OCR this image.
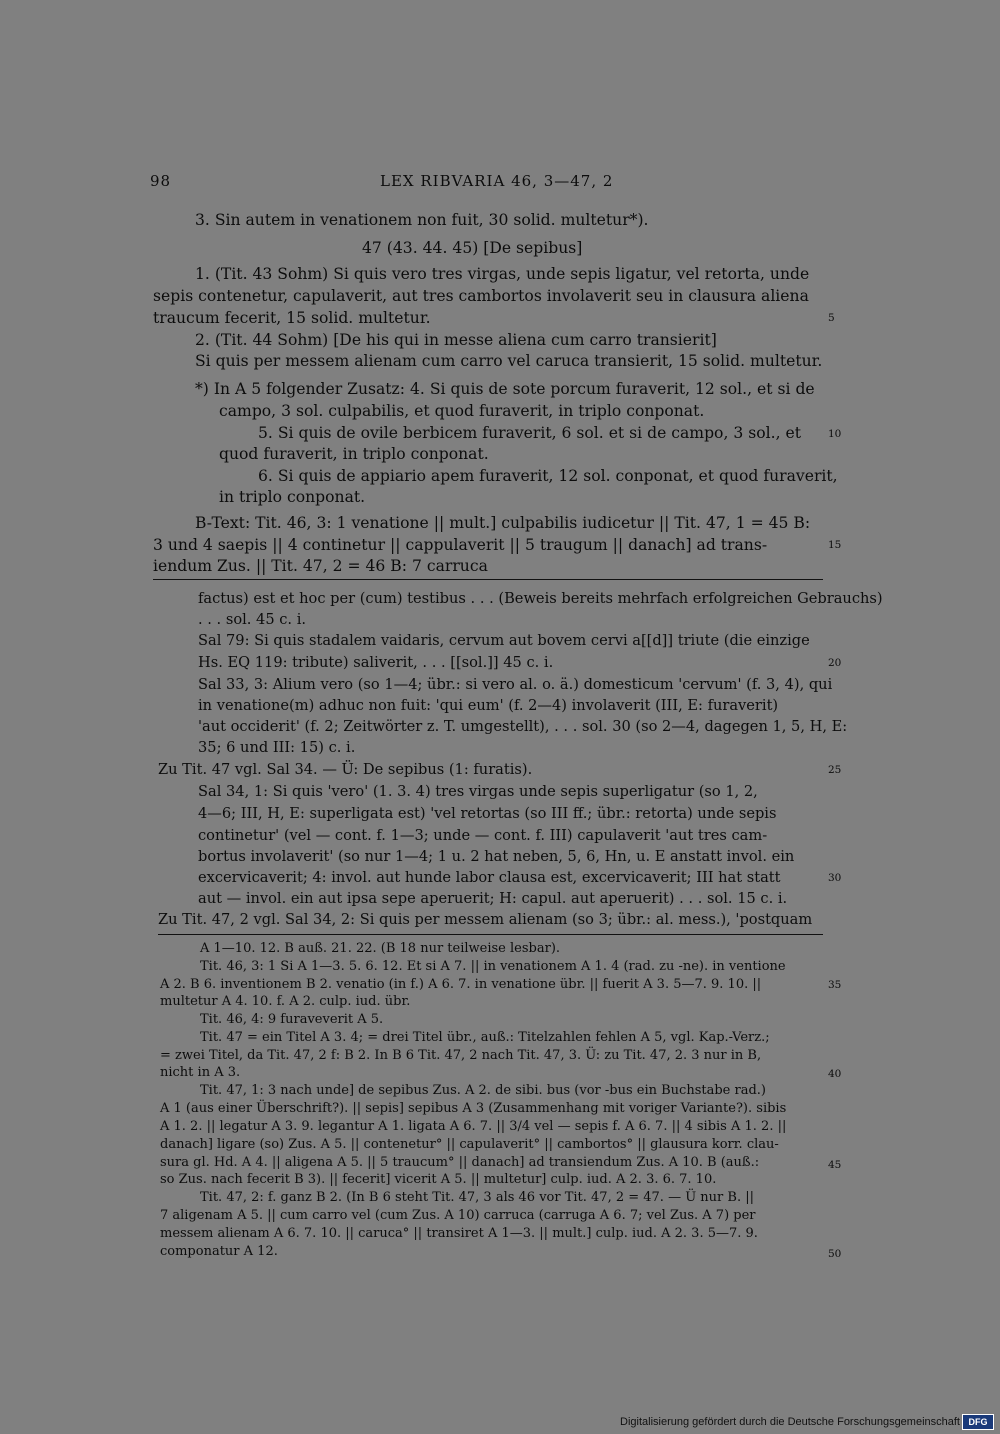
98	LEX RIBVARIA 46, 3—47, 2
3. Sin autem in venationem non fuit, 30 solid. multetur*).
47 (43. 44. 45) [De sepibus]
1. (Tit. 43 Sohm) Si quis vero tres virgas, unde sepis ligatur, vel retorta, unde
sepis contenetur, capulaverit, aut tres cambortos involaverit seu in clausura aliena
traucum fecerit, 15 solid. multetur.
2. (Tit. 44 Sohm) [De his qui in messe aliena cum carro transierit]
Si quis per messem alienam cum carro vel caruca transierit, 15 solid. multetur.
*) In A 5 folgender Zusatz: 4. Si quis de sote porcum furaverit, 12 sol., et si de
campo, 3 sol. culpabilis, et quod furaverit, in triplo conponat.
5. Si quis de ovile berbicem furaverit, 6 sol. et si de campo, 3 sol., et
quod furaverit, in triplo conponat.
6. Si quis de appiario apem furaverit, 12 sol. conponat, et quod furaverit,
in triplo conponat.
B-Text: Tit. 46, 3: 1 venatione || mult.] culpabilis iudicetur || Tit. 47, 1 = 45 B:
3 und 4 saepis || 4 continetur || cappulaverit || 5 traugum || danach] ad trans-
iendum Zus. || Tit. 47, 2 = 46 B: 7 carruca
factus) est et hoc per (cum) testibus . . . (Beweis bereits mehrfach erfolgreichen Gebrauchs)
. . . sol. 45 c. i.
Sal 79: Si quis stadalem vaidaris, cervum aut bovem cervi a[[d]] triute (die einzige
Hs. EQ 119: tribute) saliverit, . . . [[sol.]] 45 c. i.
Sal 33, 3: Alium vero (so 1—4; übr.: si vero al. o. ä.) domesticum 'cervum' (f. 3, 4), qui
in venatione(m) adhuc non fuit: 'qui eum' (f. 2—4) involaverit (III, E: furaverit)
'aut occiderit' (f. 2; Zeitwörter z. T. umgestellt), . . . sol. 30 (so 2—4, dagegen 1, 5, H, E:
35; 6 und III: 15) c. i.
Zu Tit. 47 vgl. Sal 34. — Ü: De sepibus (1: furatis).
Sal 34, 1: Si quis 'vero' (1. 3. 4) tres virgas unde sepis superligatur (so 1, 2,
4—6; III, H, E: superligata est) 'vel retortas (so III ff.; übr.: retorta) unde sepis
continetur' (vel — cont. f. 1—3; unde — cont. f. III) capulaverit 'aut tres cam-
bortus involaverit' (so nur 1—4; 1 u. 2 hat neben, 5, 6, Hn, u. E anstatt invol. ein
excervicaverit; 4: invol. aut hunde labor clausa est, excervicaverit; III hat statt
aut — invol. ein aut ipsa sepe aperuerit; H: capul. aut aperuerit) . . . sol. 15 c. i.
Zu Tit. 47, 2 vgl. Sal 34, 2: Si quis per messem alienam (so 3; übr.: al. mess.), 'postquam
A 1—10. 12. B auß. 21. 22. (B 18 nur teilweise lesbar).
Tit. 46, 3: 1 Si A 1—3. 5. 6. 12. Et si A 7. || in venationem A 1. 4 (rad. zu -ne). in ventione
A 2. B 6. inventionem B 2. venatio (in f.) A 6. 7. in venatione übr. || fuerit A 3. 5—7. 9. 10. ||
multetur A 4. 10. f. A 2. culp. iud. übr.
Tit. 46, 4: 9 furaveverit A 5.
Tit. 47 = ein Titel A 3. 4; = drei Titel übr., auß.: Titelzahlen fehlen A 5, vgl. Kap.-Verz.;
= zwei Titel, da Tit. 47, 2 f: B 2. In B 6 Tit. 47, 2 nach Tit. 47, 3. Ü: zu Tit. 47, 2. 3 nur in B,
nicht in A 3.
Tit. 47, 1: 3 nach unde] de sepibus Zus. A 2. de sibi. bus (vor -bus ein Buchstabe rad.)
A 1 (aus einer Überschrift?). || sepis] sepibus A 3 (Zusammenhang mit voriger Variante?). sibis
A 1. 2. || legatur A 3. 9. legantur A 1. ligata A 6. 7. || 3/4 vel — sepis f. A 6. 7. || 4 sibis A 1. 2. ||
danach] ligare (so) Zus. A 5. || contenetur° || capulaverit° || cambortos° || glausura korr. clau-
sura gl. Hd. A 4. || aligena A 5. || 5 traucum° || danach] ad transiendum Zus. A 10. B (auß.:
so Zus. nach fecerit B 3). || fecerit] vicerit A 5. || multetur] culp. iud. A 2. 3. 6. 7. 10.
Tit. 47, 2: f. ganz B 2. (In B 6 steht Tit. 47, 3 als 46 vor Tit. 47, 2 = 47. — Ü nur B. ||
7 aligenam A 5. || cum carro vel (cum Zus. A 10) carruca (carruga A 6. 7; vel Zus. A 7) per
messem alienam A 6. 7. 10. || caruca° || transiret A 1—3. || mult.] culp. iud. A 2. 3. 5—7. 9.
componatur A 12.
5
10
15
20
25
30
35
40
45
50
Digitalisierung gefördert durch die Deutsche Forschungsgemeinschaft DFG
